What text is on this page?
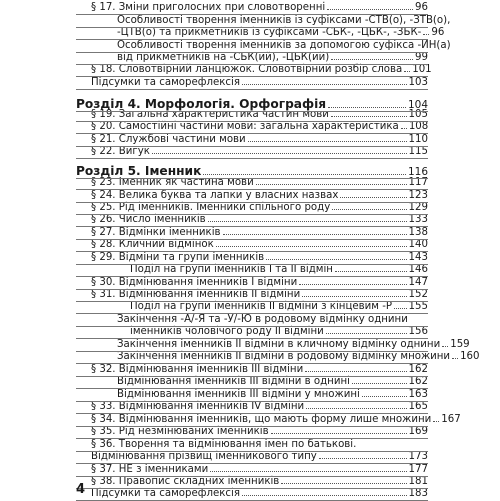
§ 17. Зміни приголосних при словотворенні	96
Особливості творення іменників із суфіксами -СТВ(о), -ЗТВ(о),
-ЦТВ(о) та прикметників із суфіксами -СЬК-, -ЦЬК-, -ЗЬК- 96
Особливості творення іменників за допомогою суфікса -ИН(а)
від прикметників на -СЬК(ий), -ЦЬК(ий)	99
§ 18. Словотвірний ланцюжок. Словотвірний розбір слова 101
Підсумки та саморефлексія	103
Розділ 4. Морфологія. Орфографія	104
§ 19. Загальна характеристика частин мови	105
§ 20. Самостійні частини мови: загальна характеристика 108
§ 21. Службові частини мови	110
§ 22. Вигук	115
Розділ 5. Іменник	116
§ 23. Іменник як частина мови	117
§ 24. Велика буква та лапки у власних назвах	123
§ 25. Рід іменників. Іменники спільного роду	129
§ 26. Число іменників	133
§ 27. Відмінки іменників	138
§ 28. Кличний відмінок	140
§ 29. Відміни та групи іменників	143
Поділ на групи іменників I та II відмін	146
§ 30. Відмінювання іменників I відміни	147
§ 31. Відмінювання іменників II відміни	152
Поділ на групи іменників II відміни з кінцевим -Р 155
Закінчення -А/-Я та -У/-Ю в родовому відмінку однини
іменників чоловічого роду II відміни	156
Закінчення іменників II відміни в кличному відмінку однини 159
Закінчення іменників II відміни в родовому відмінку множини 160
§ 32. Відмінювання іменників III відміни	162
Відмінювання іменників III відміни в однині	162
Відмінювання іменників III відміни у множині	163
§ 33. Відмінювання іменників IV відміни	165
§ 34. Відмінювання іменників, що мають форму лише множини 167
§ 35. Рід незмінюваних іменників	169
§ 36. Творення та відмінювання імен по батькові.
Відмінювання прізвищ іменникового типу	173
§ 37. НЕ з іменниками	177
§ 38. Правопис складних іменників	181
Підсумки та саморефлексія	183
4
